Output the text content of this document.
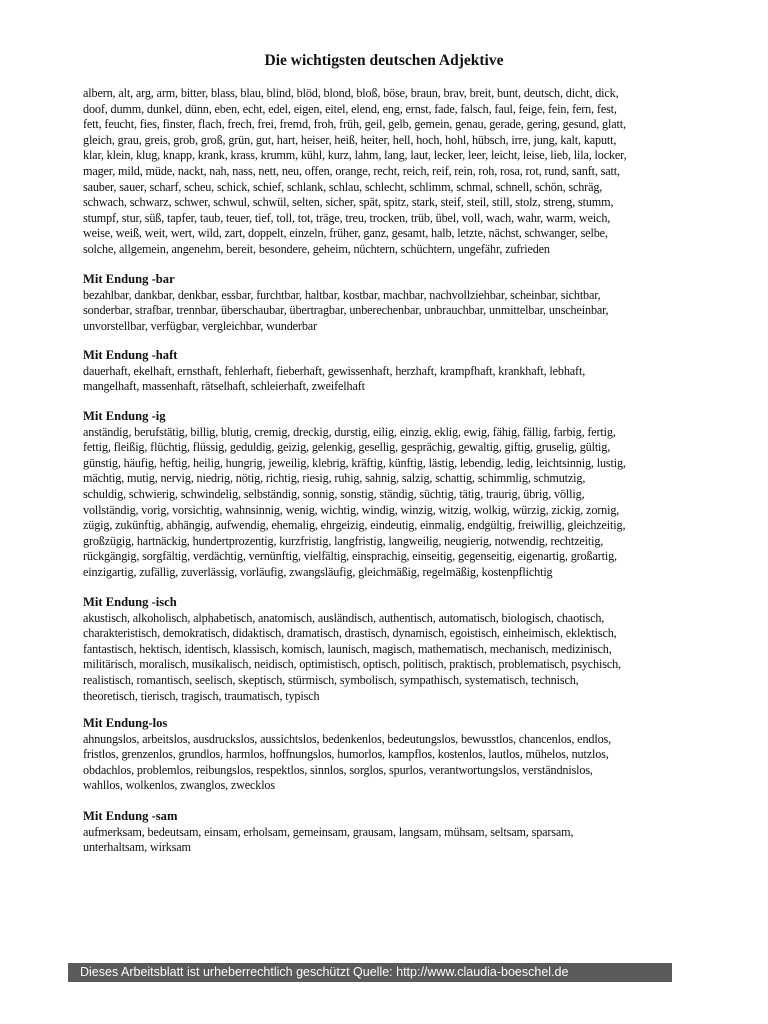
Die wichtigsten deutschen Adjektive
albern, alt, arg, arm, bitter, blass, blau, blind, blöd, blond, bloß, böse, braun, brav, breit, bunt, deutsch, dicht, dick,
doof, dumm, dunkel, dünn, eben, echt, edel, eigen, eitel, elend, eng, ernst, fade, falsch, faul, feige, fein, fern, fest,
fett, feucht, fies, finster, flach, frech, frei, fremd, froh, früh, geil, gelb, gemein, genau, gerade, gering, gesund, glatt,
gleich, grau, greis, grob, groß, grün, gut, hart, heiser, heiß, heiter, hell, hoch, hohl, hübsch, irre, jung, kalt, kaputt,
klar, klein, klug, knapp, krank, krass, krumm, kühl, kurz, lahm, lang, laut, lecker, leer, leicht, leise, lieb, lila, locker,
mager, mild, müde, nackt, nah, nass, nett, neu, offen, orange, recht, reich, reif, rein, roh, rosa, rot, rund, sanft, satt,
sauber, sauer, scharf, scheu, schick, schief, schlank, schlau, schlecht, schlimm, schmal, schnell, schön, schräg,
schwach, schwarz, schwer, schwul, schwül, selten, sicher, spät, spitz, stark, steif, steil, still, stolz, streng, stumm,
stumpf, stur, süß, tapfer, taub, teuer, tief, toll, tot, träge, treu, trocken, trüb, übel, voll, wach, wahr, warm, weich,
weise, weiß, weit, wert, wild, zart, doppelt, einzeln, früher, ganz, gesamt, halb, letzte, nächst, schwanger, selbe,
solche, allgemein, angenehm, bereit, besondere, geheim, nüchtern, schüchtern, ungefähr, zufrieden
Mit Endung -bar
bezahlbar, dankbar, denkbar, essbar, furchtbar, haltbar, kostbar, machbar, nachvollziehbar, scheinbar, sichtbar,
sonderbar, strafbar, trennbar, überschaubar, übertragbar, unberechenbar, unbrauchbar, unmittelbar, unscheinbar,
unvorstellbar, verfügbar, vergleichbar, wunderbar
Mit Endung -haft
dauerhaft, ekelhaft, ernsthaft, fehlerhaft, fieberhaft, gewissenhaft, herzhaft, krampfhaft, krankhaft, lebhaft,
mangelhaft, massenhaft, rätselhaft, schleierhaft, zweifelhaft
Mit Endung -ig
anständig, berufstätig, billig, blutig, cremig, dreckig, durstig, eilig, einzig, eklig, ewig, fähig, fällig, farbig, fertig,
fettig, fleißig, flüchtig, flüssig, geduldig, geizig, gelenkig, gesellig, gesprächig, gewaltig, giftig, gruselig, gültig,
günstig, häufig, heftig, heilig, hungrig, jeweilig, klebrig, kräftig, künftig, lästig, lebendig, ledig, leichtsinnig, lustig,
mächtig, mutig, nervig, niedrig, nötig, richtig, riesig, ruhig, sahnig, salzig, schattig, schimmlig, schmutzig,
schuldig, schwierig, schwindelig, selbständig, sonnig, sonstig, ständig, süchtig, tätig, traurig, übrig, völlig,
vollständig, vorig, vorsichtig, wahnsinnig, wenig, wichtig, windig, winzig, witzig, wolkig, würzig, zickig, zornig,
zügig, zukünftig, abhängig, aufwendig, ehemalig, ehrgeizig, eindeutig, einmalig, endgültig, freiwillig, gleichzeitig,
großzügig, hartnäckig, hundertprozentig, kurzfristig, langfristig, langweilig, neugierig, notwendig, rechtzeitig,
rückgängig, sorgfältig, verdächtig, vernünftig, vielfältig, einsprachig, einseitig, gegenseitig, eigenartig, großartig,
einzigartig, zufällig, zuverlässig, vorläufig, zwangsläufig, gleichmäßig, regelmäßig, kostenpflichtig
Mit Endung -isch
akustisch, alkoholisch, alphabetisch, anatomisch, ausländisch, authentisch, automatisch, biologisch, chaotisch,
charakteristisch, demokratisch, didaktisch, dramatisch, drastisch, dynamisch, egoistisch, einheimisch, eklektisch,
fantastisch, hektisch, identisch, klassisch, komisch, launisch, magisch, mathematisch, mechanisch, medizinisch,
militärisch, moralisch, musikalisch, neidisch, optimistisch, optisch, politisch, praktisch, problematisch, psychisch,
realistisch, romantisch, seelisch, skeptisch, stürmisch, symbolisch, sympathisch, systematisch, technisch,
theoretisch, tierisch, tragisch, traumatisch, typisch
Mit Endung-los
ahnungslos, arbeitslos, ausdruckslos, aussichtslos, bedenkenlos, bedeutungslos, bewusstlos, chancenlos, endlos,
fristlos, grenzenlos, grundlos, harmlos, hoffnungslos, humorlos, kampflos, kostenlos, lautlos, mühelos, nutzlos,
obdachlos, problemlos, reibungslos, respektlos, sinnlos, sorglos, spurlos, verantwortungslos, verständnislos,
wahllos, wolkenlos, zwanglos, zwecklos
Mit Endung -sam
aufmerksam, bedeutsam, einsam, erholsam, gemeinsam, grausam, langsam, mühsam, seltsam, sparsam,
unterhaltsam, wirksam
Dieses Arbeitsblatt ist urheberrechtlich geschützt Quelle: http://www.claudia-boeschel.de
